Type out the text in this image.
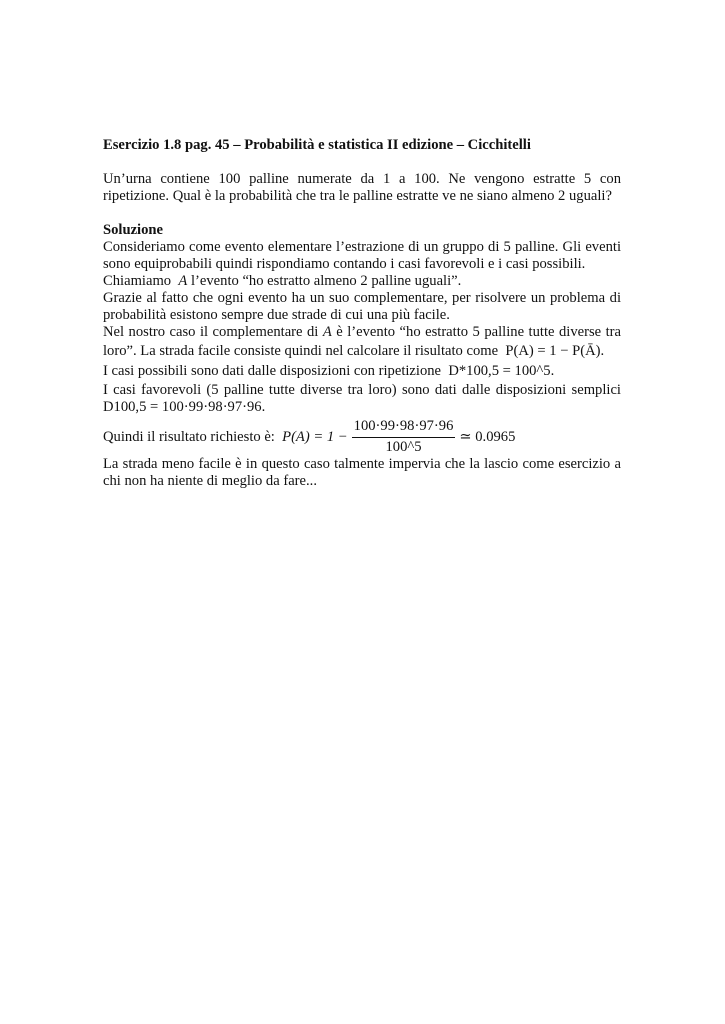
Esercizio 1.8 pag. 45 – Probabilità e statistica II edizione – Cicchitelli

Un’urna contiene 100 palline numerate da 1 a 100. Ne vengono estratte 5 con

ripetizione. Qual è la probabilità che tra le palline estratte ve ne siano almeno 2 uguali?

Soluzione

Consideriamo come evento elementare l’estrazione di un gruppo di 5 palline. Gli eventi

sono equiprobabili quindi rispondiamo contando i casi favorevoli e i casi possibili.

Chiamiamo A l’evento “ho estratto almeno 2 palline uguali”.

Grazie al fatto che ogni evento ha un suo complementare, per risolvere un problema di

probabilità esistono sempre due strade di cui una più facile.

Nel nostro caso il complementare di A è l’evento “ho estratto 5 palline tutte diverse tra

loro”. La strada facile consiste quindi nel calcolare il risultato come P(A) = 1 − P(Ā).

I casi possibili sono dati dalle disposizioni con ripetizione D*100,5 = 100^5.

I casi favorevoli (5 palline tutte diverse tra loro) sono dati dalle disposizioni semplici

D100,5 = 100·99·98·97·96.

Quindi il risultato richiesto è:
$P(A) = 1 - \frac{100\cdot 99\cdot 98\cdot 97\cdot 96}{100\^{}5}$ ≃ 0.0965

La strada meno facile è in questo caso talmente impervia che la lascio come esercizio a

chi non ha niente di meglio da fare...
